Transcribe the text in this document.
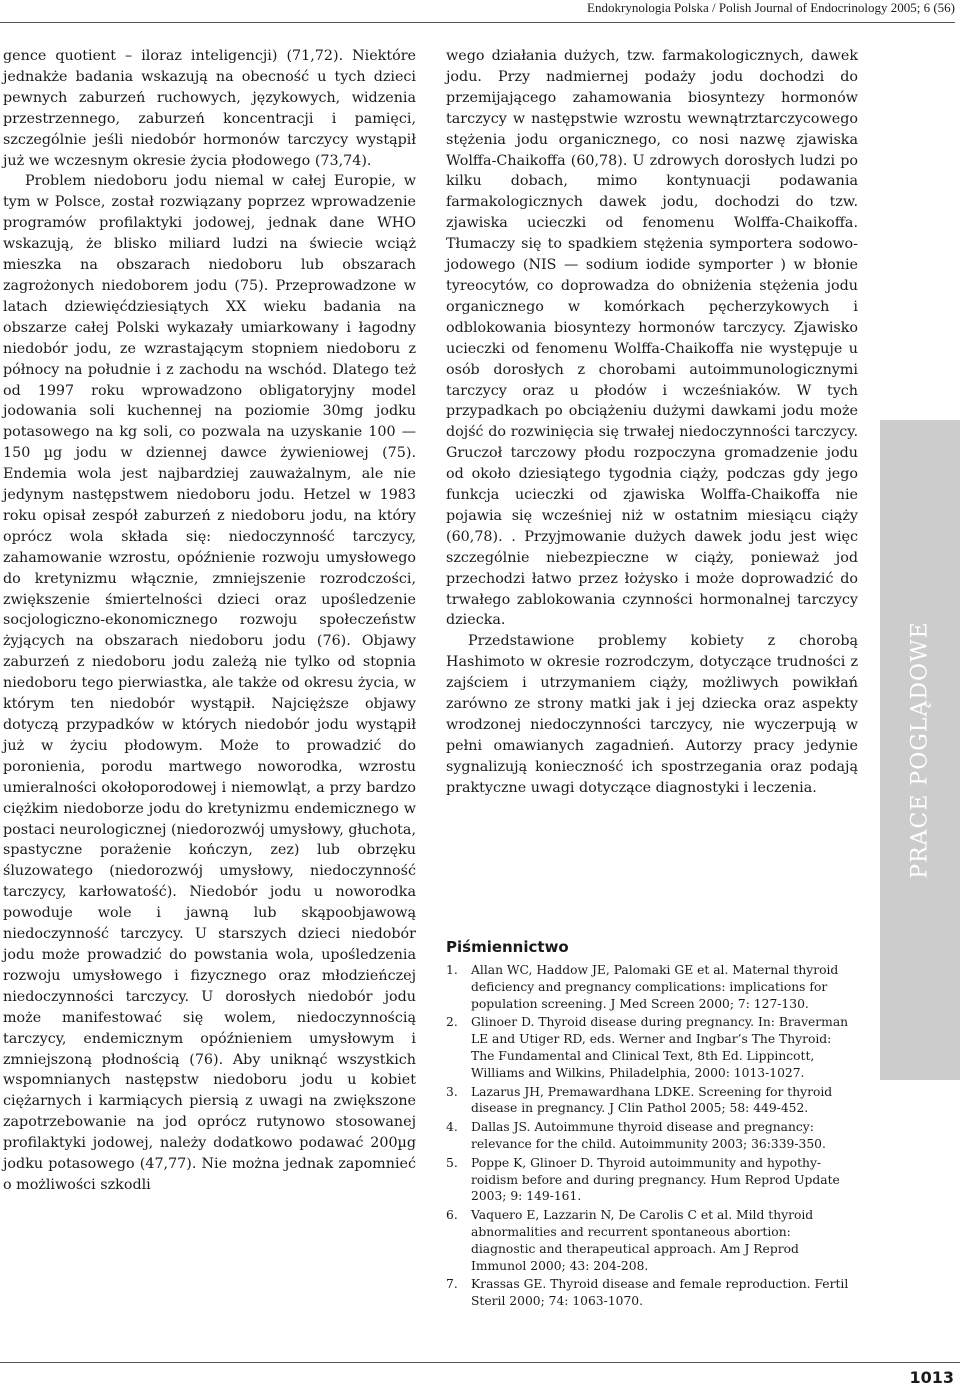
Endokrynologia Polska / Polish Journal of Endocrinology 2005; 6 (56)

gence quotient – iloraz inteligencji) (71,72). Niektóre jednakże badania wskazują na obecność u tych dzieci pewnych zaburzeń ruchowych, językowych, widzenia przestrzennego, zaburzeń koncentracji i pamięci, szczególnie jeśli niedobór hormonów tarczycy wystąpił już we wczesnym okresie życia płodowego (73,74).

Problem niedoboru jodu niemal w całej Europie, w tym w Polsce, został rozwiązany poprzez wprowadzenie programów profilaktyki jodowej, jednak dane WHO wskazują, że blisko miliard ludzi na świecie wciąż mieszka na obszarach niedoboru lub obszarach zagrożonych niedoborem jodu (75). Przeprowadzone w latach dziewięćdziesiątych XX wieku badania na obszarze całej Polski wykazały umiarkowany i łagodny niedobór jodu, ze wzrastającym stopniem niedoboru z północy na południe i z zachodu na wschód. Dlatego też od 1997 roku wprowadzono obligatoryjny model jodowania soli kuchennej na poziomie 30mg jodku potasowego na kg soli, co pozwala na uzyskanie 100 — 150 µg jodu w dziennej dawce żywieniowej (75). Endemia wola jest najbardziej zauważalnym, ale nie jedynym następstwem niedoboru jodu. Hetzel w 1983 roku opisał zespół zaburzeń z niedoboru jodu, na który oprócz wola składa się: niedoczynność tarczycy, zahamowanie wzrostu, opóźnienie rozwoju umysłowego do kretynizmu włącznie, zmniejszenie rozrodczości, zwiększenie śmiertelności dzieci oraz upośledzenie socjologiczno-ekonomicznego rozwoju społeczeństw żyjących na obszarach niedoboru jodu (76). Objawy zaburzeń z niedoboru jodu zależą nie tylko od stopnia niedoboru tego pierwiastka, ale także od okresu życia, w którym ten niedobór wystąpił. Najcięższe objawy dotyczą przypadków w których niedobór jodu wystąpił już w życiu płodowym. Może to prowadzić do poronienia, porodu martwego noworodka, wzrostu umieralności okołoporodowej i niemowląt, a przy bardzo ciężkim niedoborze jodu do kretynizmu endemicznego w postaci neurologicznej (niedorozwój umysłowy, głuchota, spastyczne porażenie kończyn, zez) lub obrzęku śluzowatego (niedorozwój umysłowy, niedoczynność tarczycy, karłowatość). Niedobór jodu u noworodka powoduje wole i jawną lub skąpoobjawową niedoczynność tarczycy. U starszych dzieci niedobór jodu może prowadzić do powstania wola, upośledzenia rozwoju umysłowego i fizycznego oraz młodzieńczej niedoczynności tarczycy. U dorosłych niedobór jodu może manifestować się wolem, niedoczynnością tarczycy, endemicznym opóźnieniem umysłowym i zmniejszoną płodnością (76). Aby uniknąć wszystkich wspomnianych następstw niedoboru jodu u kobiet ciężarnych i karmiących piersią z uwagi na zwiększone zapotrzebowanie na jod oprócz rutynowo stosowanej profilaktyki jodowej, należy dodatkowo podawać 200µg jodku potasowego (47,77). Nie można jednak zapomnieć o możliwości szkodli

wego działania dużych, tzw. farmakologicznych, dawek jodu. Przy nadmiernej podaży jodu dochodzi do przemijającego zahamowania biosyntezy hormonów tarczycy w następstwie wzrostu wewnątrztarczycowego stężenia jodu organicznego, co nosi nazwę zjawiska Wolffa-Chaikoffa (60,78). U zdrowych dorosłych ludzi po kilku dobach, mimo kontynuacji podawania farmakologicznych dawek jodu, dochodzi do tzw. zjawiska ucieczki od fenomenu Wolffa-Chaikoffa. Tłumaczy się to spadkiem stężenia symportera sodowo-jodowego (NIS — sodium iodide symporter ) w błonie tyreocytów, co doprowadza do obniżenia stężenia jodu organicznego w komórkach pęcherzykowych i odblokowania biosyntezy hormonów tarczycy. Zjawisko ucieczki od fenomenu Wolffa-Chaikoffa nie występuje u osób dorosłych z chorobami autoimmunologicznymi tarczycy oraz u płodów i wcześniaków. W tych przypadkach po obciążeniu dużymi dawkami jodu może dojść do rozwinięcia się trwałej niedoczynności tarczycy. Gruczoł tarczowy płodu rozpoczyna gromadzenie jodu od około dziesiątego tygodnia ciąży, podczas gdy jego funkcja ucieczki od zjawiska Wolffa-Chaikoffa nie pojawia się wcześniej niż w ostatnim miesiącu ciąży (60,78). . Przyjmowanie dużych dawek jodu jest więc szczególnie niebezpieczne w ciąży, ponieważ jod przechodzi łatwo przez łożysko i może doprowadzić do trwałego zablokowania czynności hormonalnej tarczycy dziecka.

Przedstawione problemy kobiety z chorobą Hashimoto w okresie rozrodczym, dotyczące trudności z zajściem i utrzymaniem ciąży, możliwych powikłań zarówno ze strony matki jak i jej dziecka oraz aspekty wrodzonej niedoczynności tarczycy, nie wyczerpują w pełni omawianych zagadnień. Autorzy pracy jedynie sygnalizują konieczność ich spostrzegania oraz podają praktyczne uwagi dotyczące diagnostyki i leczenia.

Piśmiennictwo
1. Allan WC, Haddow JE, Palomaki GE et al. Maternal thyroid deficiency and pregnancy complications: implications for population screening. J Med Screen 2000; 7: 127-130.
2. Glinoer D. Thyroid disease during pregnancy. In: Braverman LE and Utiger RD, eds. Werner and Ingbar’s The Thyroid: The Fundamental and Clinical Text, 8th Ed. Lippincott, Williams and Wilkins, Philadelphia, 2000: 1013-1027.
3. Lazarus JH, Premawardhana LDKE. Screening for thyroid disease in pregnancy. J Clin Pathol 2005; 58: 449-452.
4. Dallas JS. Autoimmune thyroid disease and pregnancy: relevance for the child. Autoimmunity 2003; 36:339-350.
5. Poppe K, Glinoer D. Thyroid autoimmunity and hypothyroidism before and during pregnancy. Hum Reprod Update 2003; 9: 149-161.
6. Vaquero E, Lazzarin N, De Carolis C et al. Mild thyroid abnormalities and recurrent spontaneous abortion: diagnostic and therapeutical approach. Am J Reprod Immunol 2000; 43: 204-208.
7. Krassas GE. Thyroid disease and female reproduction. Fertil Steril 2000; 74: 1063-1070.
PRACE POGLĄDOWE
1013
